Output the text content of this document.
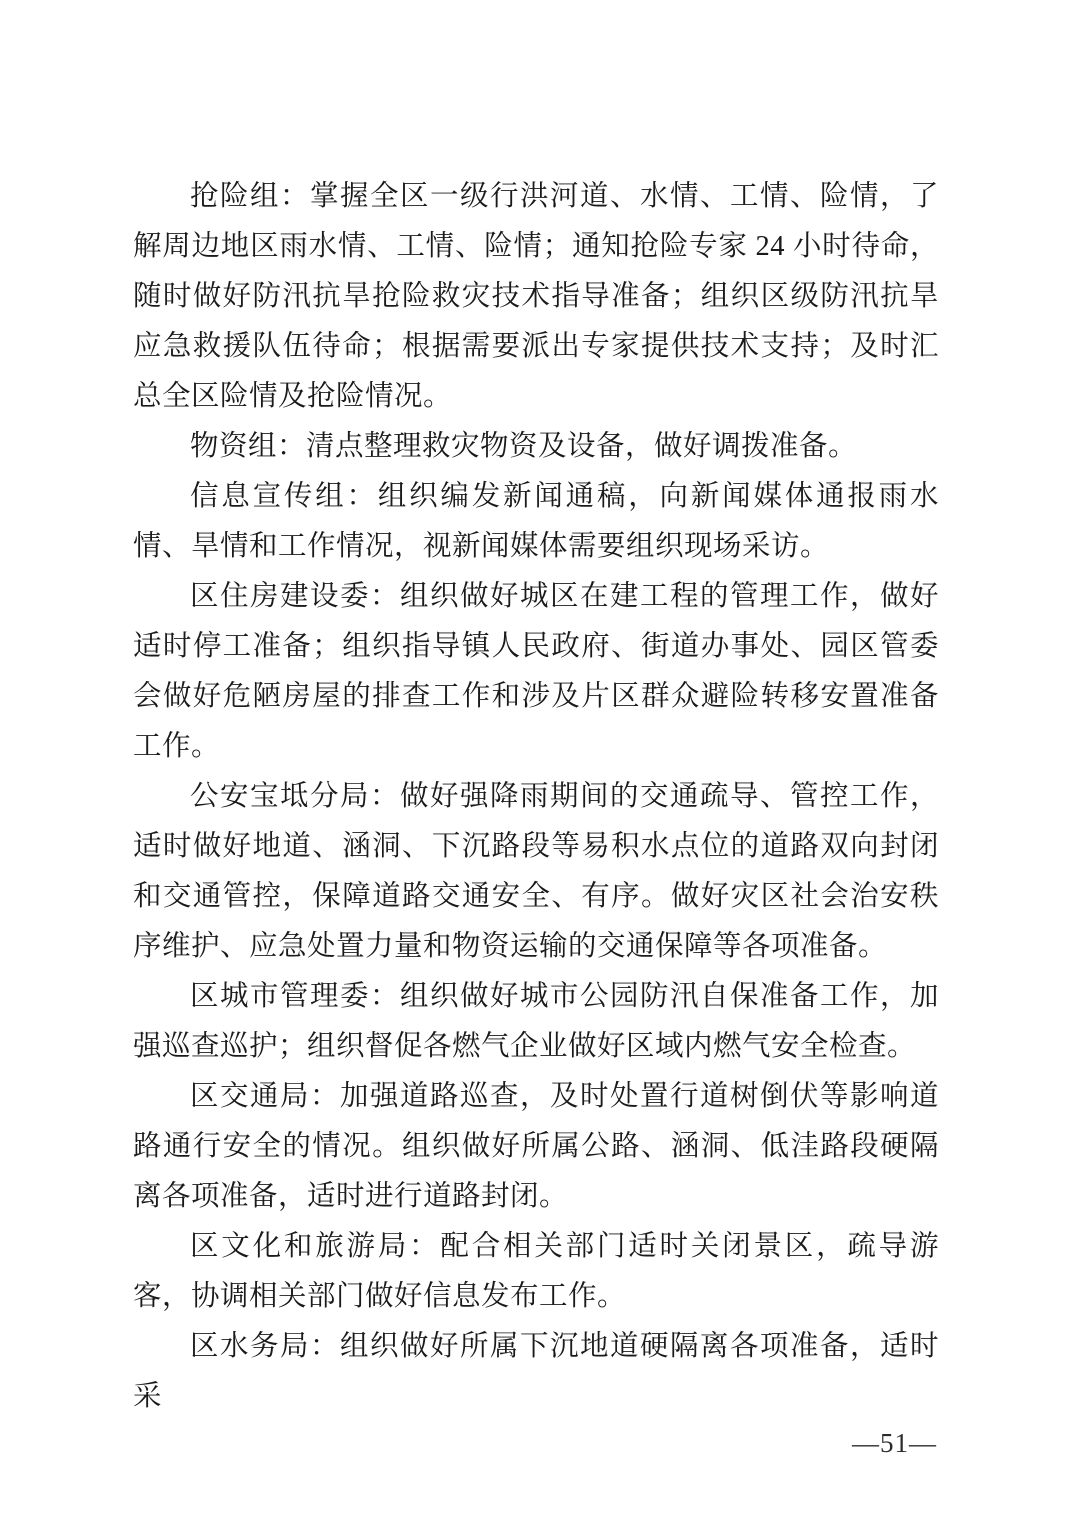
抢险组：掌握全区一级行洪河道、水情、工情、险情，了解周边地区雨水情、工情、险情；通知抢险专家 24 小时待命，随时做好防汛抗旱抢险救灾技术指导准备；组织区级防汛抗旱应急救援队伍待命；根据需要派出专家提供技术支持；及时汇总全区险情及抢险情况。

物资组：清点整理救灾物资及设备，做好调拨准备。

信息宣传组：组织编发新闻通稿，向新闻媒体通报雨水情、旱情和工作情况，视新闻媒体需要组织现场采访。

区住房建设委：组织做好城区在建工程的管理工作，做好适时停工准备；组织指导镇人民政府、街道办事处、园区管委会做好危陋房屋的排查工作和涉及片区群众避险转移安置准备工作。

公安宝坻分局：做好强降雨期间的交通疏导、管控工作，适时做好地道、涵洞、下沉路段等易积水点位的道路双向封闭和交通管控，保障道路交通安全、有序。做好灾区社会治安秩序维护、应急处置力量和物资运输的交通保障等各项准备。

区城市管理委：组织做好城市公园防汛自保准备工作，加强巡查巡护；组织督促各燃气企业做好区域内燃气安全检查。

区交通局：加强道路巡查，及时处置行道树倒伏等影响道路通行安全的情况。组织做好所属公路、涵洞、低洼路段硬隔离各项准备，适时进行道路封闭。

区文化和旅游局：配合相关部门适时关闭景区，疏导游客，协调相关部门做好信息发布工作。

区水务局：组织做好所属下沉地道硬隔离各项准备，适时采

—51—
